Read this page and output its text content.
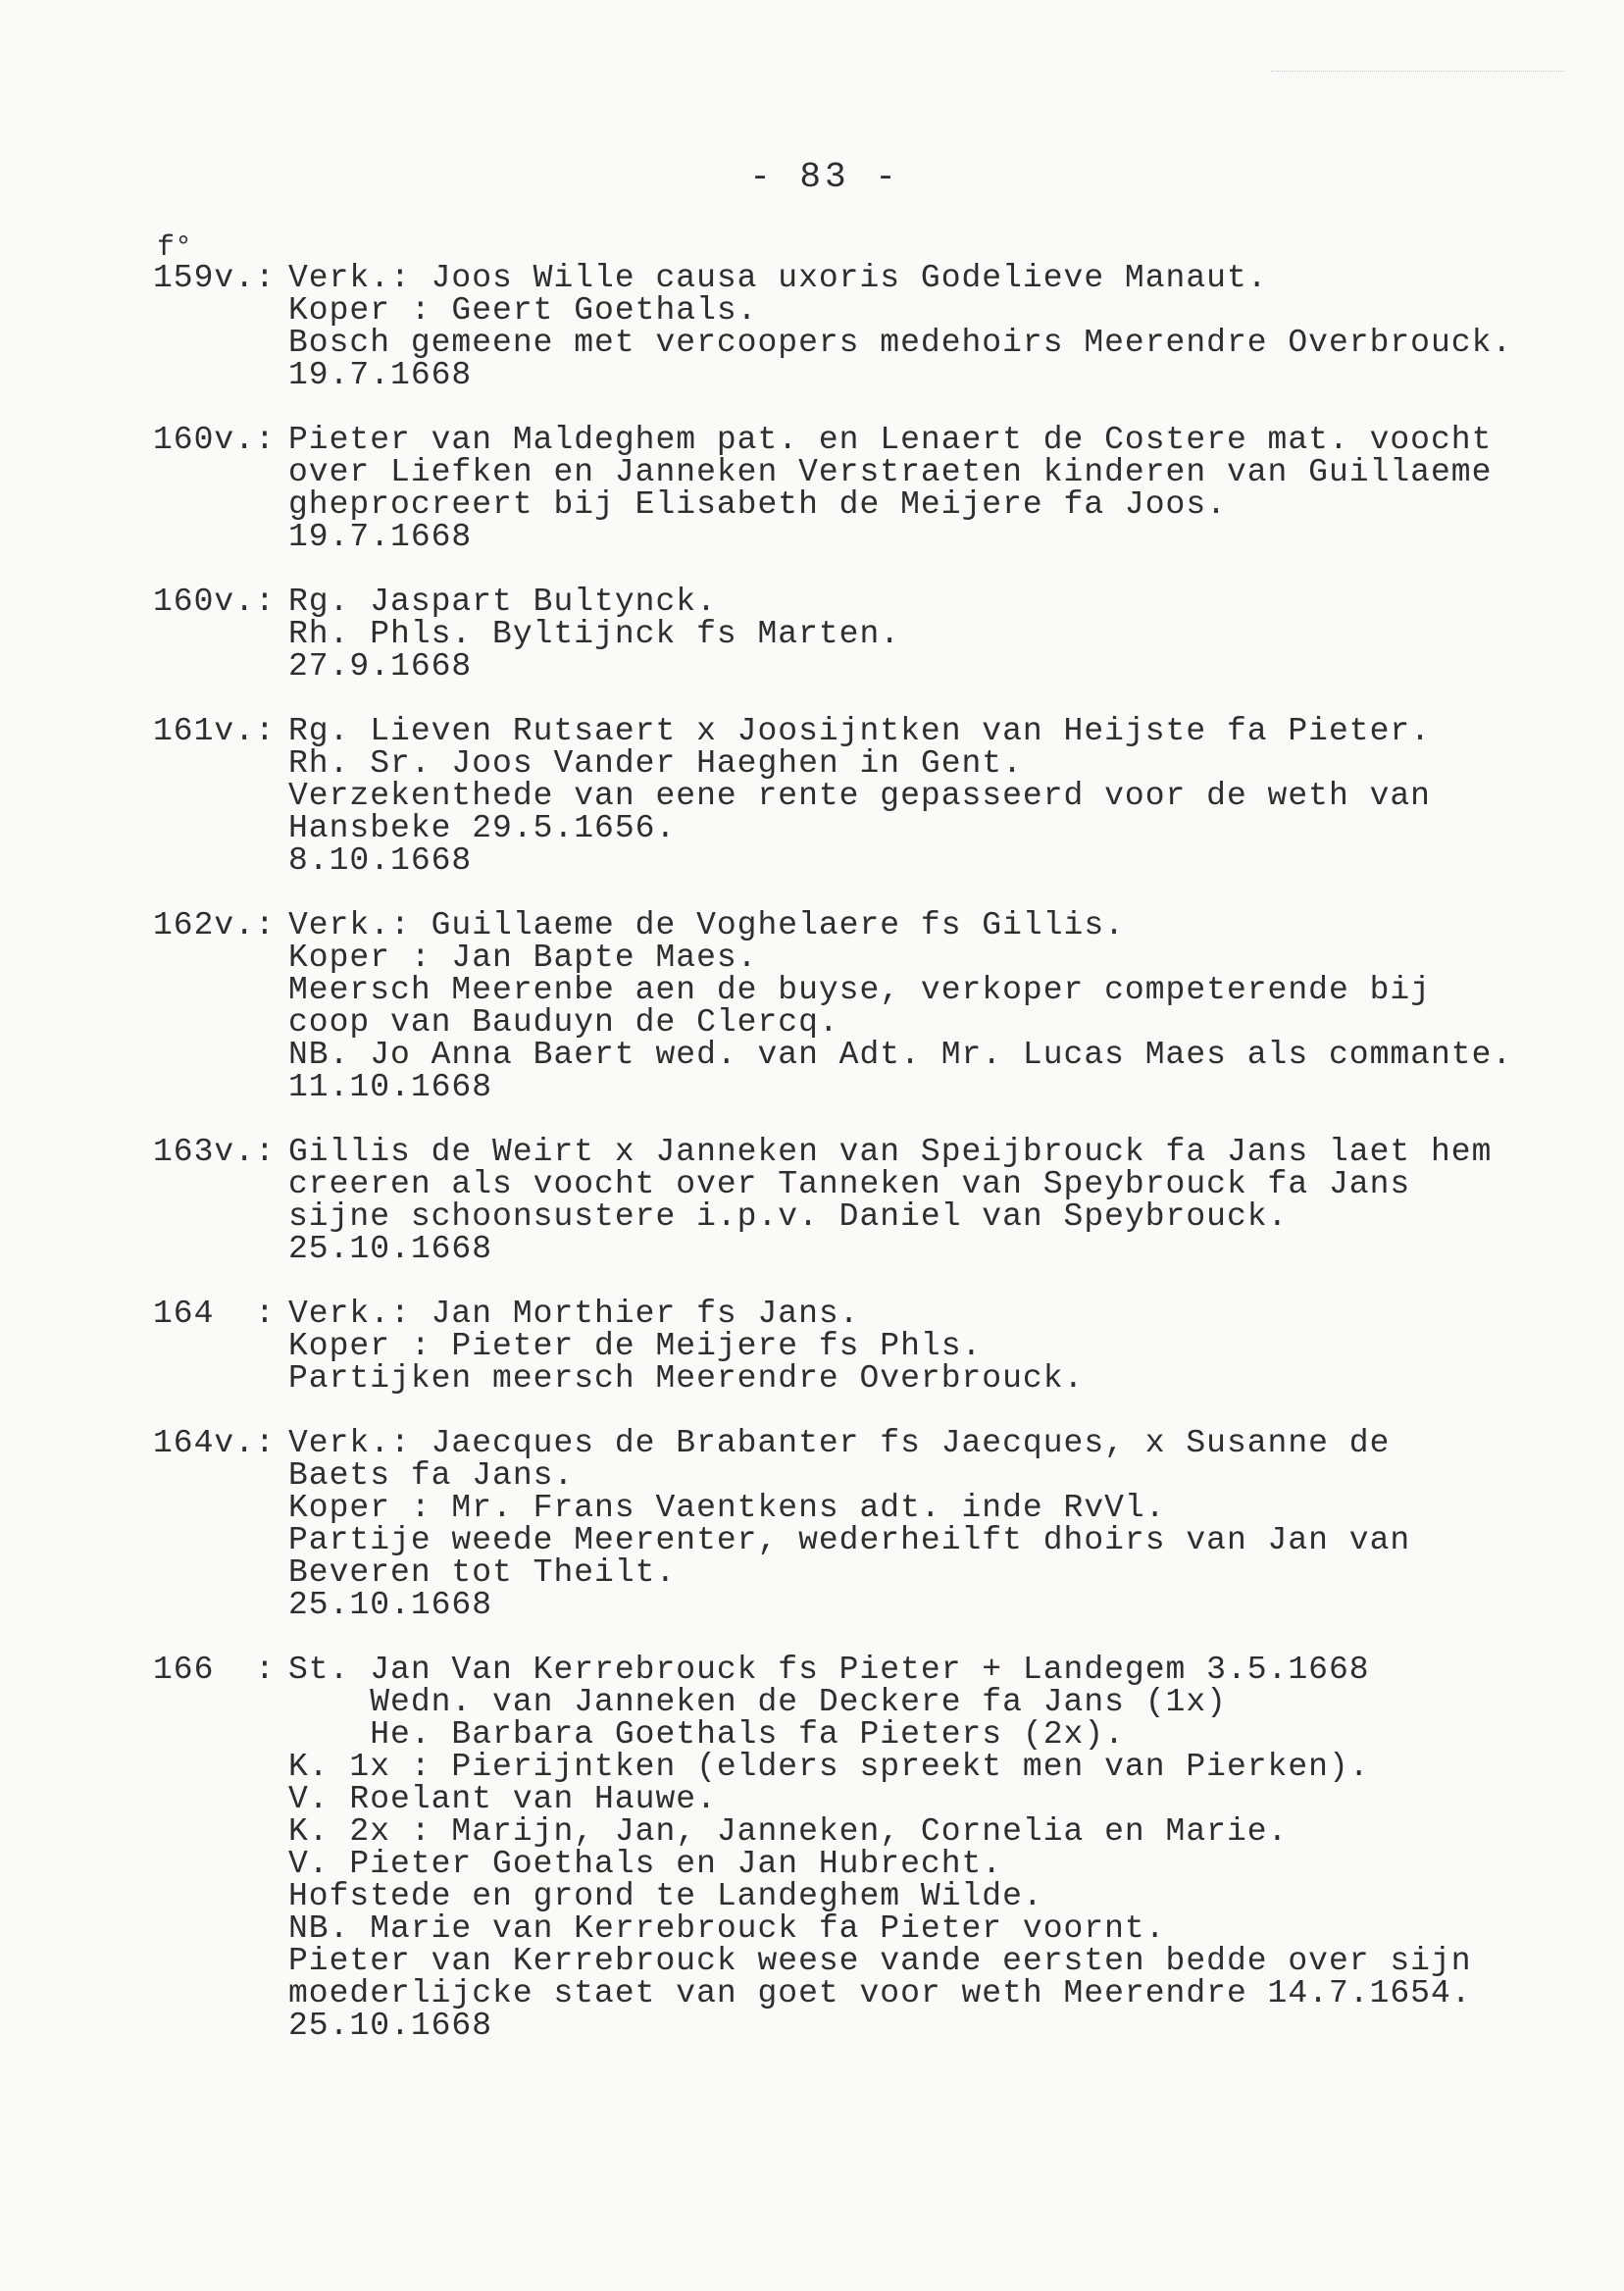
- 83 -
f°
159v.: Verk.: Joos Wille causa uxoris Godelieve Manaut.
Koper : Geert Goethals.
Bosch gemeene met vercoopers medehoirs Meerendre Overbrouck.
19.7.1668
160v.: Pieter van Maldeghem pat. en Lenaert de Costere mat. voocht
over Liefken en Janneken Verstraeten kinderen van Guillaeme
gheprocreert bij Elisabeth de Meijere fa Joos.
19.7.1668
160v.: Rg. Jaspart Bultynck.
Rh. Phls. Byltijnck fs Marten.
27.9.1668
161v.: Rg. Lieven Rutsaert x Joosijntken van Heijste fa Pieter.
Rh. Sr. Joos Vander Haeghen in Gent.
Verzekenthede van eene rente gepasseerd voor de weth van
Hansbeke 29.5.1656.
8.10.1668
162v.: Verk.: Guillaeme de Voghelaere fs Gillis.
Koper : Jan Bapte Maes.
Meersch Meerenbe aen de buyse, verkoper competerende bij
coop van Bauduyn de Clercq.
NB. Jo Anna Baert wed. van Adt. Mr. Lucas Maes als commante.
11.10.1668
163v.: Gillis de Weirt x Janneken van Speijbrouck fa Jans laet hem
creeren als voocht over Tanneken van Speybrouck fa Jans
sijne schoonsustere i.p.v. Daniel van Speybrouck.
25.10.1668
164  : Verk.: Jan Morthier fs Jans.
Koper : Pieter de Meijere fs Phls.
Partijken meersch Meerendre Overbrouck.
164v.: Verk.: Jaecques de Brabanter fs Jaecques, x Susanne de
Baets fa Jans.
Koper : Mr. Frans Vaentkens adt. inde RvVl.
Partije weede Meerenter, wederheilft dhoirs van Jan van
Beveren tot Theilt.
25.10.1668
166  : St. Jan Van Kerrebrouck fs Pieter + Landegem 3.5.1668
Wedn. van Janneken de Deckere fa Jans (1x)
He. Barbara Goethals fa Pieters (2x).
K. 1x : Pierijntken (elders spreekt men van Pierken).
V. Roelant van Hauwe.
K. 2x : Marijn, Jan, Janneken, Cornelia en Marie.
V. Pieter Goethals en Jan Hubrecht.
Hofstede en grond te Landeghem Wilde.
NB. Marie van Kerrebrouck fa Pieter voornt.
Pieter van Kerrebrouck weese vande eersten bedde over sijn
moederlijcke staet van goet voor weth Meerendre 14.7.1654.
25.10.1668
